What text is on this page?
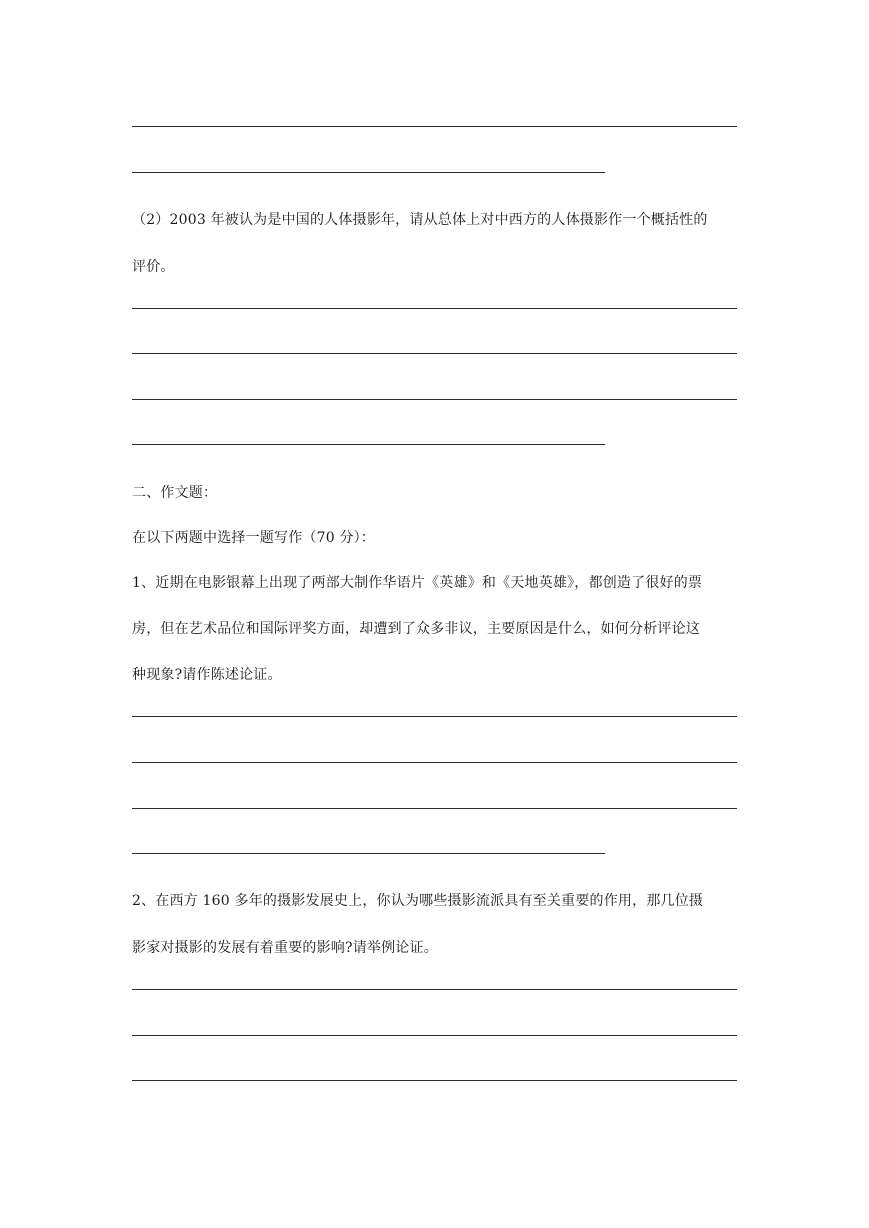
（2）2003 年被认为是中国的人体摄影年，请从总体上对中西方的人体摄影作一个概括性的
评价。
二、作文题：
在以下两题中选择一题写作（70 分）：
1、近期在电影银幕上出现了两部大制作华语片《英雄》和《天地英雄》，都创造了很好的票
房，但在艺术品位和国际评奖方面，却遭到了众多非议，主要原因是什么，如何分析评论这
种现象?请作陈述论证。
2、在西方 160 多年的摄影发展史上，你认为哪些摄影流派具有至关重要的作用，那几位摄
影家对摄影的发展有着重要的影响?请举例论证。
